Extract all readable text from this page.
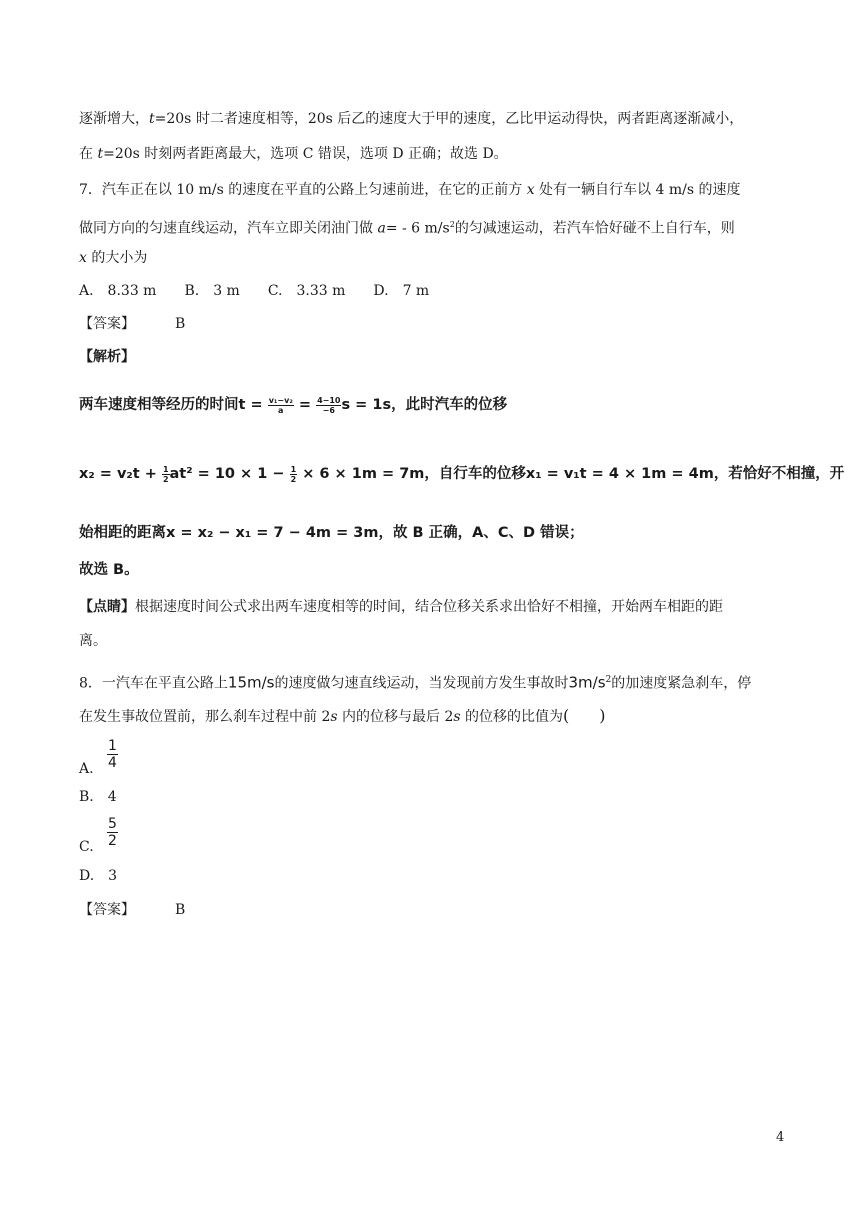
逐渐增大，t=20s 时二者速度相等，20s 后乙的速度大于甲的速度，乙比甲运动得快，两者距离逐渐减小，
在 t=20s 时刻两者距离最大，选项 C 错误，选项 D 正确；故选 D。
7．汽车正在以 10 m/s 的速度在平直的公路上匀速前进，在它的正前方 x 处有一辆自行车以 4 m/s 的速度
做同方向的匀速直线运动，汽车立即关闭油门做 a= - 6 $m/s^2$的匀减速运动，若汽车恰好碰不上自行车，则
x 的大小为
A.　8.33 m　　B.　3 m　　C.　3.33 m　　D.　7 m
【答案】	B
【解析】
两车速度相等经历的时间$t = \frac{\text{v₁−v₂}}{a} = \frac{4-10}{-6}$ s = 1s，此时汽车的位移
$x_2 = v_2t + \frac{1}{2} at^2 = 10 \times 1 - \frac{1}{2} \times 6 \times 1m = 7m$，自行车的位移x₁ = v₁t = 4 × 1m = 4m，若恰好不相撞，开
始相距的距离x = x₂ − x₁ = 7 − 4m = 3m，故 B 正确，A、C、D 错误；
故选 B。
【点睛】根据速度时间公式求出两车速度相等的时间，结合位移关系求出恰好不相撞，开始两车相距的距
离。
8．一汽车在平直公路上15m/s的速度做匀速直线运动，当发现前方发生事故时$3m/s^2$的加速度紧急刹车，停
在发生事故位置前，那么刹车过程中前 2s 内的位移与最后 2s 的位移的比值为( )
A. $\frac{1}{4}$
B.　4
C. $\frac{5}{2}$
D.　3
【答案】	B
4
